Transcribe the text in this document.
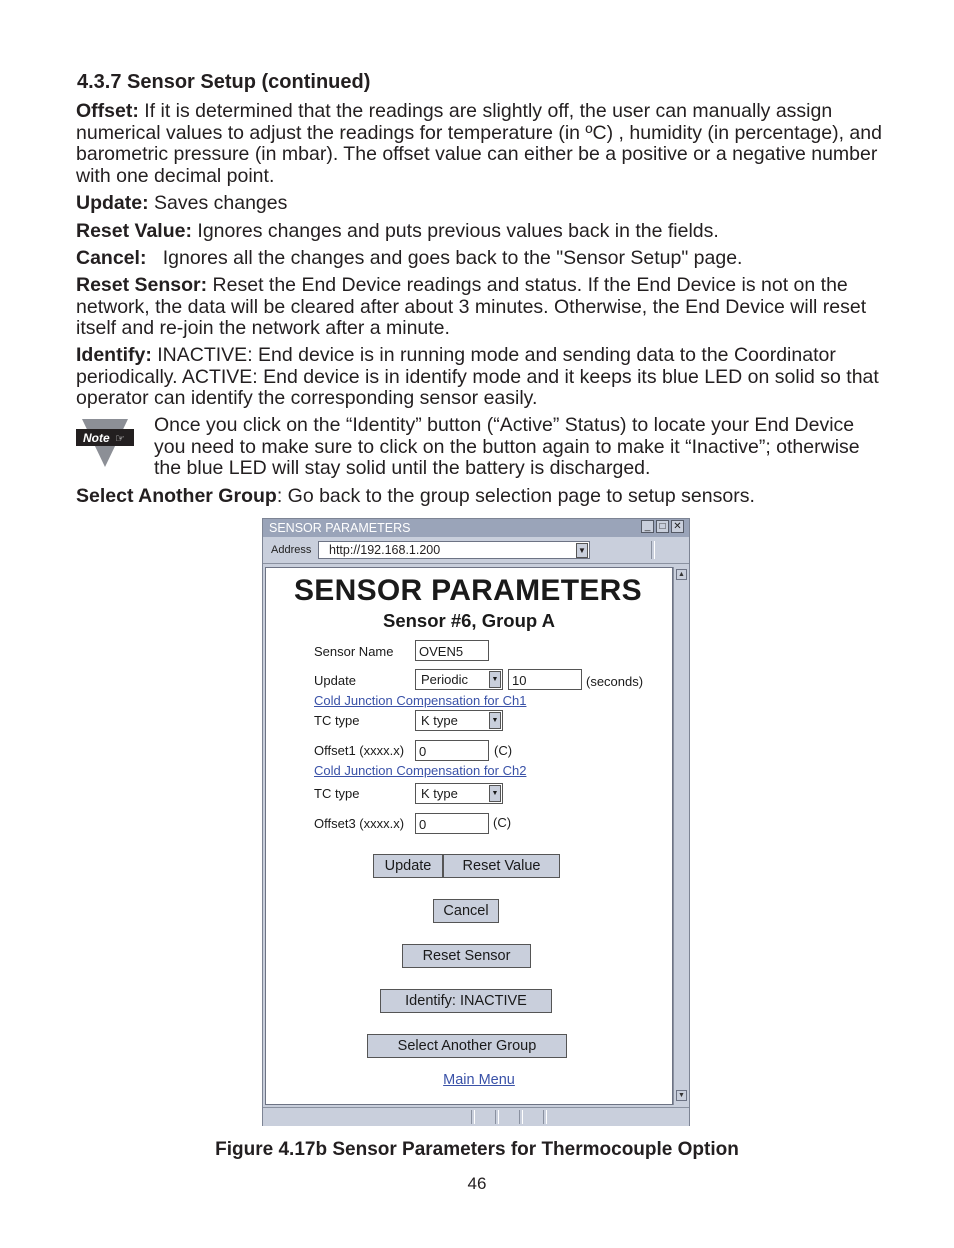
4.3.7 Sensor Setup (continued)
Offset: If it is determined that the readings are slightly off, the user can manually assign numerical values to adjust the readings for temperature (in ºC) , humidity (in percentage), and barometric pressure (in mbar). The offset value can either be a positive or a negative number with one decimal point.
Update: Saves changes
Reset Value: Ignores changes and puts previous values back in the fields.
Cancel:   Ignores all the changes and goes back to the "Sensor Setup" page.
Reset Sensor: Reset the End Device readings and status. If the End Device is not on the network, the data will be cleared after about 3 minutes. Otherwise, the End Device will reset itself and re-join the network after a minute.
Identify: INACTIVE: End device is in running mode and sending data to the Coordinator periodically. ACTIVE: End device is in identify mode and it keeps its blue LED on solid so that operator can identify the corresponding sensor easily.
Note ☞
Once you click on the “Identity” button (“Active” Status) to locate your End Device you need to make sure to click on the button again to make it “Inactive”; otherwise the blue LED will stay solid until the battery is discharged.
Select Another Group: Go back to the group selection page to setup sensors.
SENSOR PARAMETERS	_ □ ✕
Address	http://192.168.1.200	▼
SENSOR PARAMETERS
Sensor #6, Group A
Sensor Name	OVEN5
Update	Periodic	▼	10	(seconds)
Cold Junction Compensation for Ch1
TC type	K type	▼
Offset1 (xxxx.x)	0	(C)
Cold Junction Compensation for Ch2
TC type	K type	▼
Offset3 (xxxx.x)	0	(C)
Update	Reset Value
Cancel
Reset Sensor
Identify: INACTIVE
Select Another Group
Main Menu
▲
▼
Figure 4.17b Sensor Parameters for Thermocouple Option
46
